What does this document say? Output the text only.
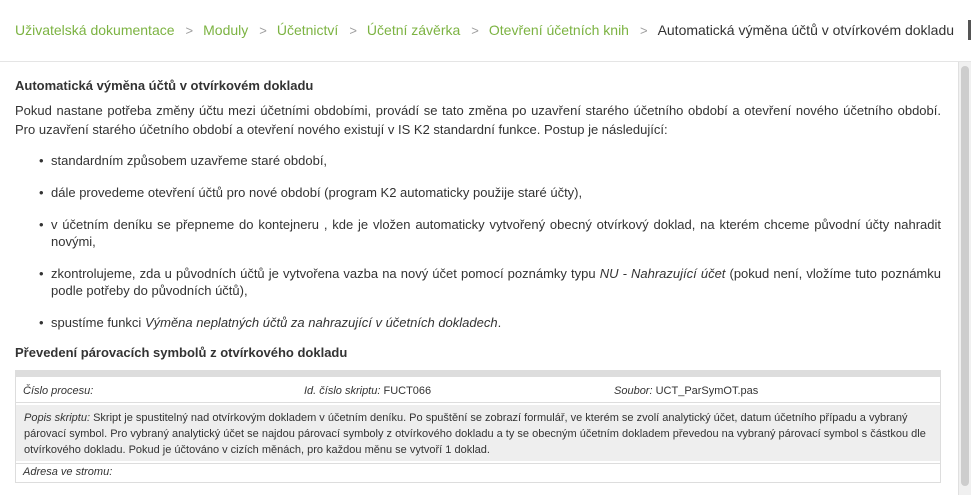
Uživatelská dokumentace > Moduly > Účetnictví > Účetní závěrka > Otevření účetních knih > Automatická výměna účtů v otvírkovém dokladu
Automatická výměna účtů v otvírkovém dokladu

Pokud nastane potřeba změny účtu mezi účetními obdobími, provádí se tato změna po uzavření starého účetního období a otevření nového účetního období. Pro uzavření starého účetního období a otevření nového existují v IS K2 standardní funkce. Postup je následující:

• standardním způsobem uzavřeme staré období,
• dále provedeme otevření účtů pro nové období (program K2 automaticky použije staré účty),
• v účetním deníku se přepneme do kontejneru , kde je vložen automaticky vytvořený obecný otvírkový doklad, na kterém chceme původní účty nahradit novými,
• zkontrolujeme, zda u původních účtů je vytvořena vazba na nový účet pomocí poznámky typu NU - Nahrazující účet (pokud není, vložíme tuto poznámku podle potřeby do původních účtů),
• spustíme funkci Výměna neplatných účtů za nahrazující v účetních dokladech.
Převedení párovacích symbolů z otvírkového dokladu
Číslo procesu:	Id. číslo skriptu: FUCT066	Soubor: UCT_ParSymOT.pas
Popis skriptu: Skript je spustitelný nad otvírkovým dokladem v účetním deníku. Po spuštění se zobrazí formulář, ve kterém se zvolí analytický účet, datum účetního případu a vybraný párovací symbol. Pro vybraný analytický účet se najdou párovací symboly z otvírkového dokladu a ty se obecným účetním dokladem převedou na vybraný párovací symbol s částkou dle otvírkového dokladu. Pokud je účtováno v cizích měnách, pro každou měnu se vytvoří 1 doklad.
Adresa ve stromu:
